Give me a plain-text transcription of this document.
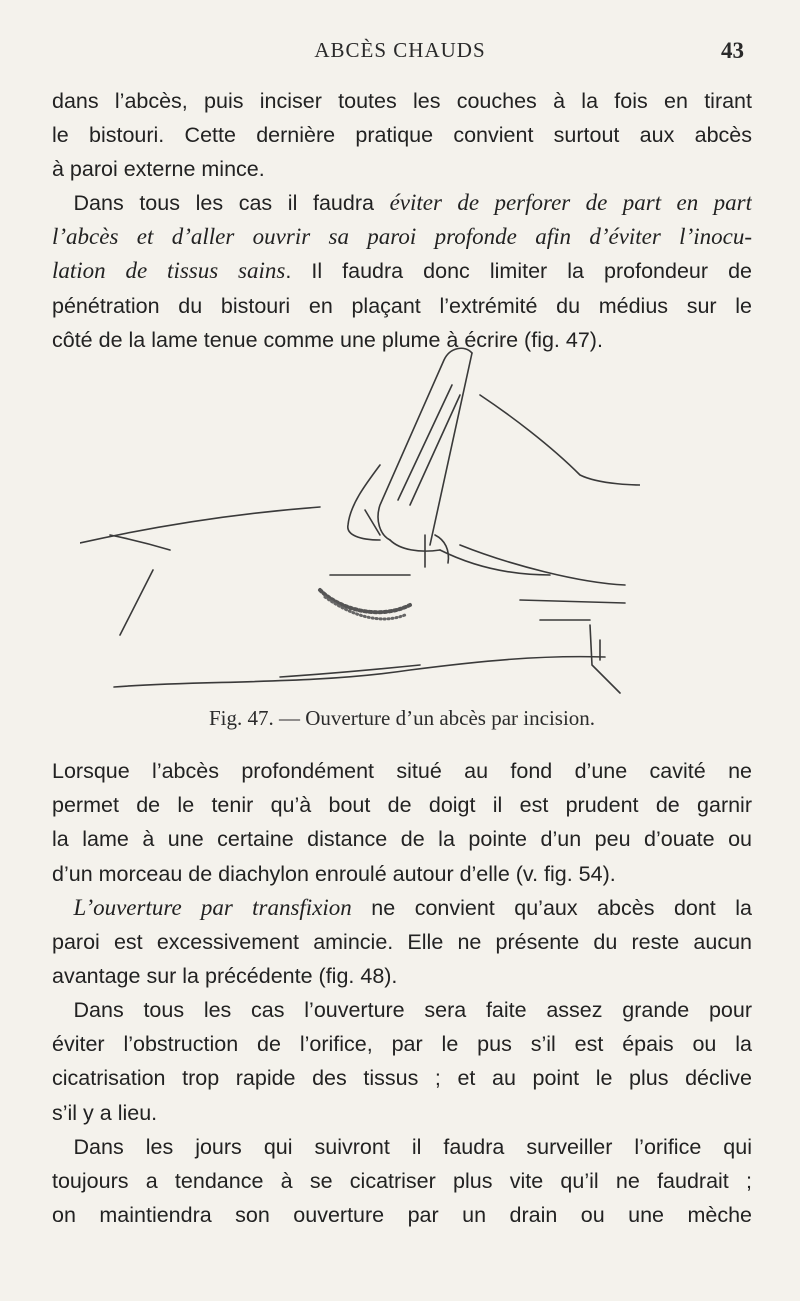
ABCÈS CHAUDS	43
dans l’abcès, puis inciser toutes les couches à la fois en tirant
le bistouri. Cette dernière pratique convient surtout aux abcès
à paroi externe mince.
 Dans tous les cas il faudra éviter de perforer de part en part
l’abcès et d’aller ouvrir sa paroi profonde afin d’éviter l’inocu-
lation de tissus sains. Il faudra donc limiter la profondeur de
pénétration du bistouri en plaçant l’extrémité du médius sur le
côté de la lame tenue comme une plume à écrire (fig. 47).
Fig. 47. — Ouverture d’un abcès par incision.
Lorsque l’abcès profondément situé au fond d’une cavité ne
permet de le tenir qu’à bout de doigt il est prudent de garnir
la lame à une certaine distance de la pointe d’un peu d’ouate ou
d’un morceau de diachylon enroulé autour d’elle (v. fig. 54).
 L’ouverture par transfixion ne convient qu’aux abcès dont la
paroi est excessivement amincie. Elle ne présente du reste aucun
avantage sur la précédente (fig. 48).
 Dans tous les cas l’ouverture sera faite assez grande pour
éviter l’obstruction de l’orifice, par le pus s’il est épais ou la
cicatrisation trop rapide des tissus ; et au point le plus déclive
s’il y a lieu.
 Dans les jours qui suivront il faudra surveiller l’orifice qui
toujours a tendance à se cicatriser plus vite qu’il ne faudrait ;
on maintiendra son ouverture par un drain ou une mèche
